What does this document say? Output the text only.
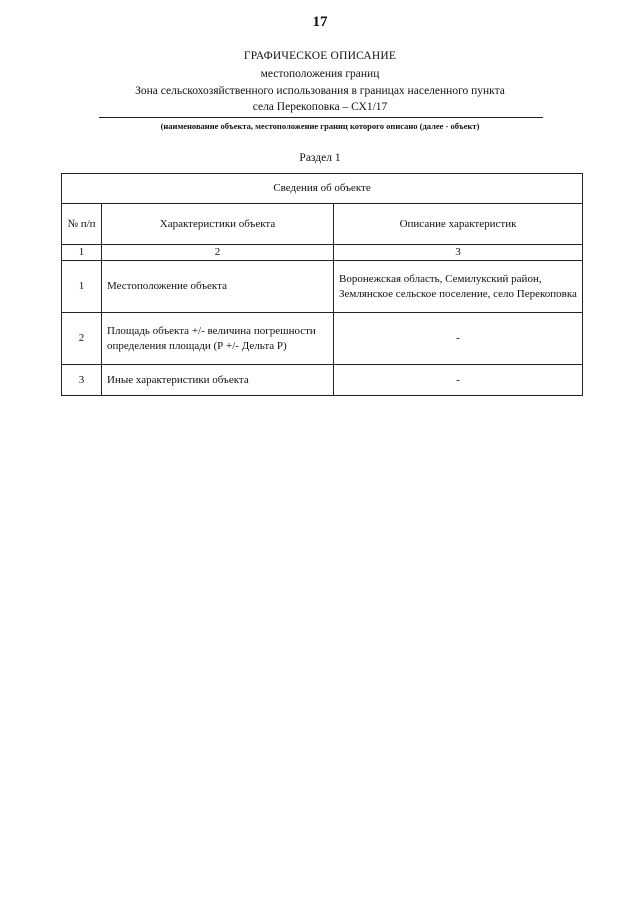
17
ГРАФИЧЕСКОЕ ОПИСАНИЕ
местоположения границ
Зона сельскохозяйственного использования в границах населенного пункта
села Перекоповка – СХ1/17
(наименование объекта, местоположение границ которого описано (далее - объект)
Раздел 1
Сведения об объекте		
№ п/п	Характеристики объекта	Описание характеристик
1	2	3
1	Местоположение объекта	Воронежская область, Семилукский район, Землянское сельское поселение, село Перекоповка
2	Площадь объекта +/- величина погрешности определения площади (Р +/- Дельта Р)	-
3	Иные характеристики объекта	-
